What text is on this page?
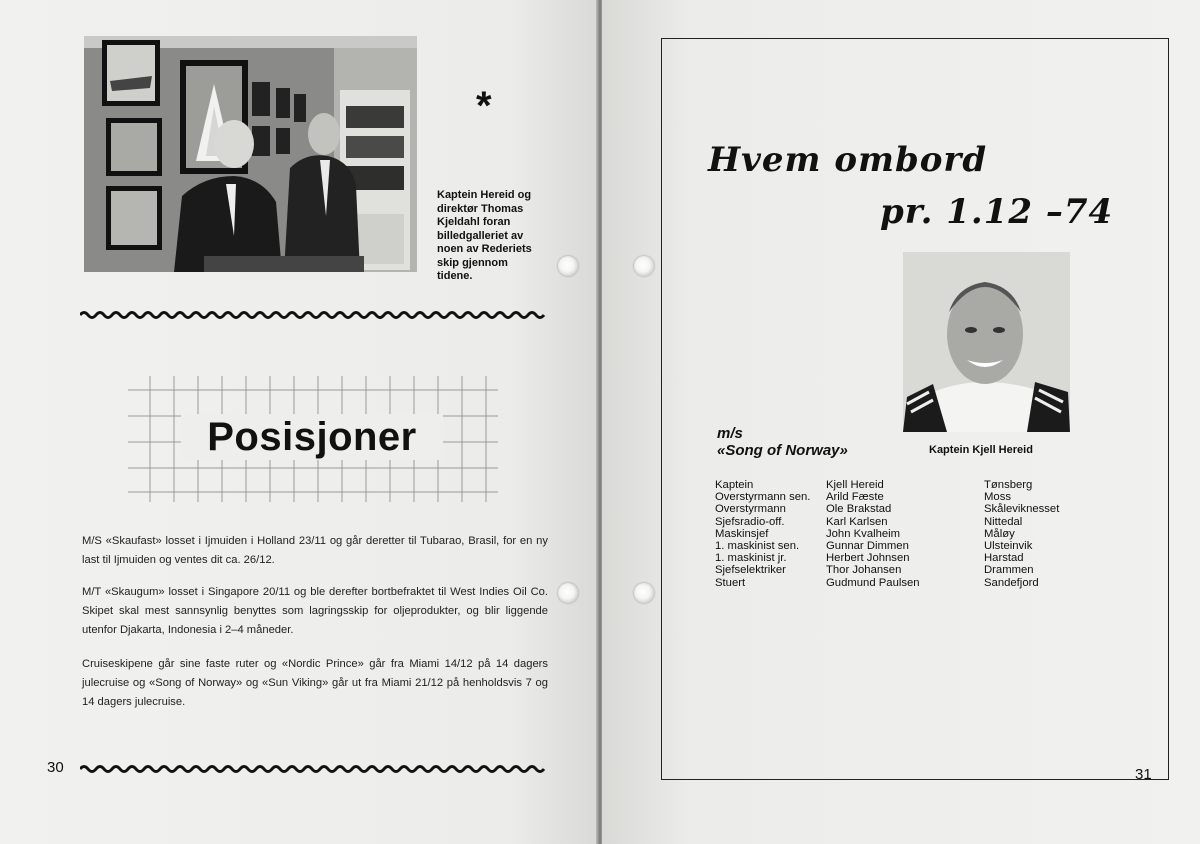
*
Kaptein Hereid og
direktør Thomas
Kjeldahl foran
billedgalleriet av
noen av Rederiets
skip gjennom
tidene.
Posisjoner
M/S «Skaufast» losset i Ijmuiden i Holland 23/11 og går deretter til Tubarao, Brasil, for en ny last til Ijmuiden og ventes dit ca. 26/12.
M/T «Skaugum» losset i Singapore 20/11 og ble derefter bortbefraktet til West Indies Oil Co. Skipet skal mest sannsynlig benyttes som lagringsskip for oljeprodukter, og blir liggende utenfor Djakarta, Indonesia i 2–4 måneder.
Cruiseskipene går sine faste ruter og «Nordic Prince» går fra Miami 14/12 på 14 dagers julecruise og «Song of Norway» og «Sun Viking» går ut fra Miami 21/12 på henholdsvis 7 og 14 dagers julecruise.
30
Hvem ombord
pr. 1.12 –74
m/s
«Song of Norway»	Kaptein Kjell Hereid
Kaptein
Overstyrmann sen.
Overstyrmann
Sjefsradio-off.
Maskinsjef
1. maskinist sen.
1. maskinist jr.
Sjefselektriker
Stuert
Kjell Hereid
Arild Fæste
Ole Brakstad
Karl Karlsen
John Kvalheim
Gunnar Dimmen
Herbert Johnsen
Thor Johansen
Gudmund Paulsen
Tønsberg
Moss
Skåleviknesset
Nittedal
Måløy
Ulsteinvik
Harstad
Drammen
Sandefjord
31
